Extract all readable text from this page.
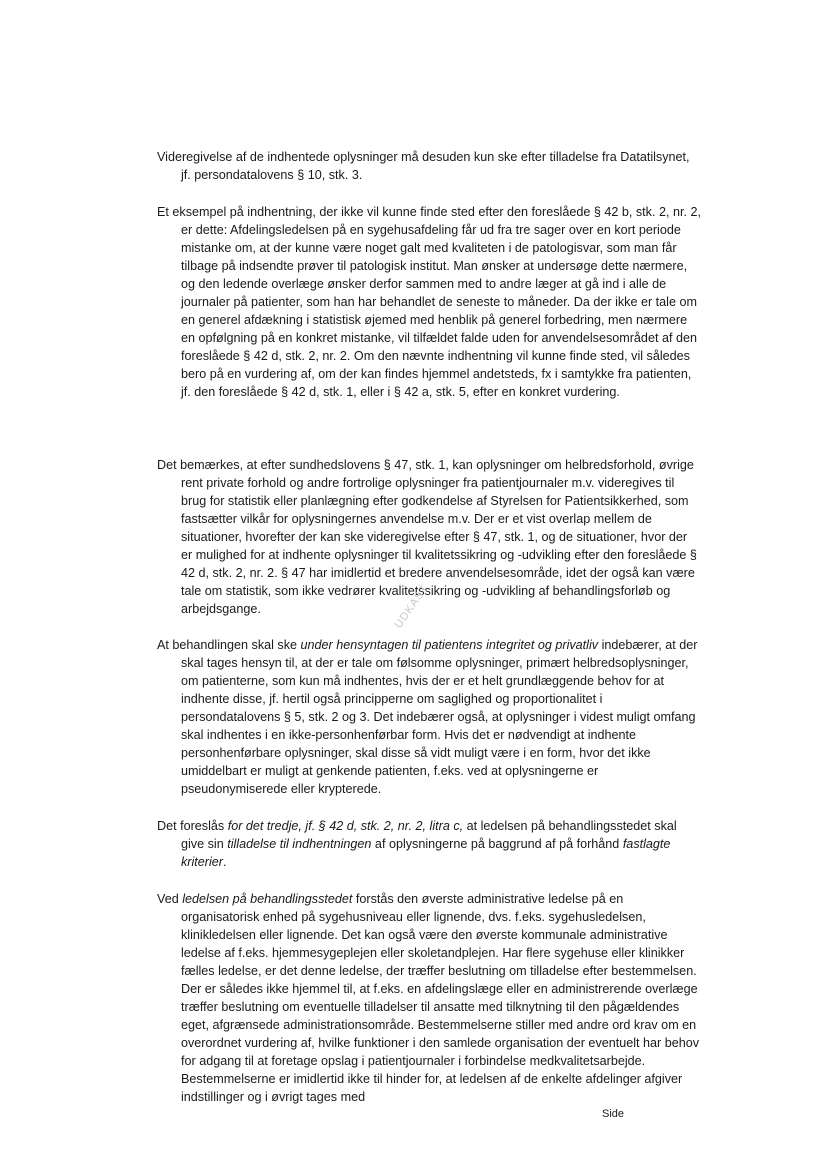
Videregivelse af de indhentede oplysninger må desuden kun ske efter tilladelse fra Datatilsynet, jf. persondatalovens § 10, stk. 3.

Et eksempel på indhentning, der ikke vil kunne finde sted efter den foreslåede § 42 b, stk. 2, nr. 2, er dette: Afdelingsledelsen på en sygehusafdeling får ud fra tre sager over en kort periode mistanke om, at der kunne være noget galt med kvaliteten i de patologisvar, som man får tilbage på indsendte prøver til patologisk institut. Man ønsker at undersøge dette nærmere, og den ledende overlæge ønsker derfor sammen med to andre læger at gå ind i alle de journaler på patienter, som han har behandlet de seneste to måneder. Da der ikke er tale om en generel afdækning i statistisk øjemed med henblik på generel forbedring, men nærmere en opfølgning på en konkret mistanke, vil tilfældet falde uden for anvendelsesområdet af den foreslåede § 42 d, stk. 2, nr. 2. Om den nævnte indhentning vil kunne finde sted, vil således bero på en vurdering af, om der kan findes hjemmel andetsteds, fx i samtykke fra patienten, jf. den foreslåede § 42 d, stk. 1, eller i § 42 a, stk. 5, efter en konkret vurdering.

Det bemærkes, at efter sundhedslovens § 47, stk. 1, kan oplysninger om helbredsforhold, øvrige rent private forhold og andre fortrolige oplysninger fra patientjournaler m.v. videregives til brug for statistik eller planlægning efter godkendelse af Styrelsen for Patientsikkerhed, som fastsætter vilkår for oplysningernes anvendelse m.v. Der er et vist overlap mellem de situationer, hvorefter der kan ske videregivelse efter § 47, stk. 1, og de situationer, hvor der er mulighed for at indhente oplysninger til kvalitetssikring og -udvikling efter den foreslåede § 42 d, stk. 2, nr. 2. § 47 har imidlertid et bredere anvendelsesområde, idet der også kan være tale om statistik, som ikke vedrører kvalitetssikring og -udvikling af behandlingsforløb og arbejdsgange.

At behandlingen skal ske under hensyntagen til patientens integritet og privatliv indebærer, at der skal tages hensyn til, at der er tale om følsomme oplysninger, primært helbredsoplysninger, om patienterne, som kun må indhentes, hvis der er et helt grundlæggende behov for at indhente disse, jf. hertil også principperne om saglighed og proportionalitet i persondatalovens § 5, stk. 2 og 3. Det indebærer også, at oplysninger i videst muligt omfang skal indhentes i en ikke-personhenførbar form. Hvis det er nødvendigt at indhente personhenførbare oplysninger, skal disse så vidt muligt være i en form, hvor det ikke umiddelbart er muligt at genkende patienten, f.eks. ved at oplysningerne er pseudonymiserede eller krypterede.

Det foreslås for det tredje, jf. § 42 d, stk. 2, nr. 2, litra c, at ledelsen på behandlingsstedet skal give sin tilladelse til indhentningen af oplysningerne på baggrund af på forhånd fastlagte kriterier.

Ved ledelsen på behandlingsstedet forstås den øverste administrative ledelse på en organisatorisk enhed på sygehusniveau eller lignende, dvs. f.eks. sygehusledelsen, klinikledelsen eller lignende. Det kan også være den øverste kommunale administrative ledelse af f.eks. hjemmesygeplejen eller skoletandplejen. Har flere sygehuse eller klinikker fælles ledelse, er det denne ledelse, der træffer beslutning om tilladelse efter bestemmelsen. Der er således ikke hjemmel til, at f.eks. en afdelingslæge eller en administrerende overlæge træffer beslutning om eventuelle tilladelser til ansatte med tilknytning til den pågældendes eget, afgrænsede administrationsområde. Bestemmelserne stiller med andre ord krav om en overordnet vurdering af, hvilke funktioner i den samlede organisation der eventuelt har behov for adgang til at foretage opslag i patientjournaler i forbindelse medkvalitetsarbejde. Bestemmelserne er imidlertid ikke til hinder for, at ledelsen af de enkelte afdelinger afgiver indstillinger og i øvrigt tages med

UDKAST
Side
